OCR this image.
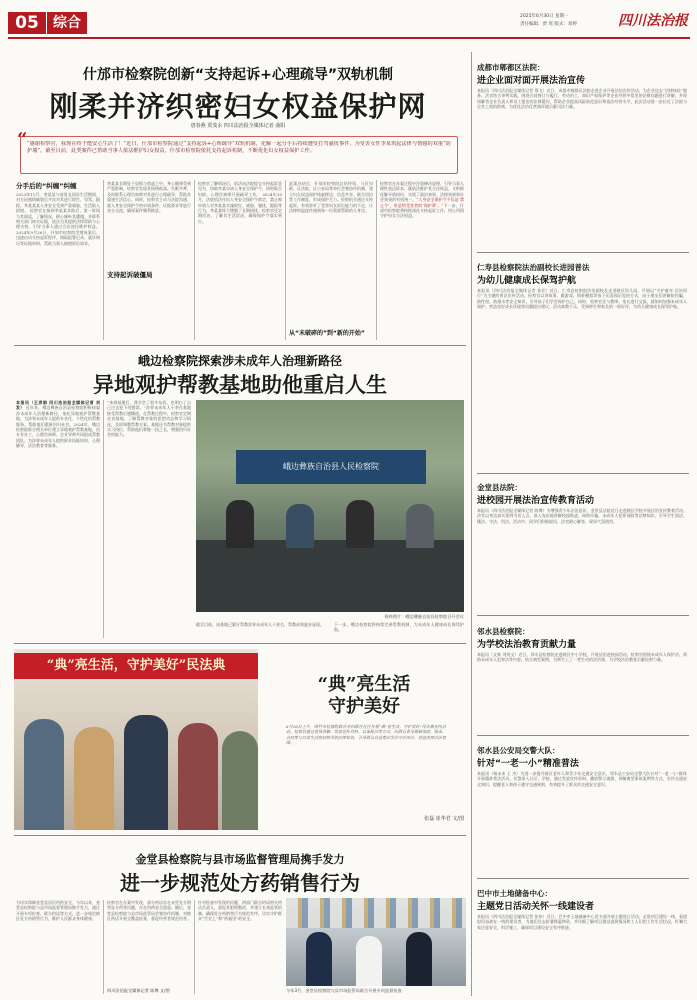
05	综合	2025年6月30日 星期一
责任编辑：贾 瑶 版式：邓婷	四川法治报
什邡市检察院创新“支持起诉+心理疏导”双轨机制
刚柔并济织密妇女权益保护网
唐春燕 贾茂永 四川法治报全媒体记者 曲阳
“ “感谢检察官，我现在终于能安心生活了！”近日，什邡市检察院通过“支持起诉+心理疏导”双轨机制，化解一起分手后持续遭受打骂骚扰事件，为受害女性李某筑起法律与情感的双重“防护墙”。截至目前，此类案件已帮助当事人依法维护妇女权益，什邡市检察院依托支持起诉机制，不断优化妇女权益保护工作。
分手后的“纠缠”纠缠
2023年11月，李某某与前男友同居生活期间，对方因感情破裂后多次对其进行殴打、辱骂、跟踪，李某某某人身安全受到严重威胁，生活陷入困境。 检察官在接到李某某求助后，第一时间与其面谈，了解情况，耐心倾听其遭遇，并联系相关部门核实证据，依法为其提供法律帮助与心理支持，引导当事人通过合法途径维护权益。2024年9月26日，什邡市检察院受理该案后，迅速启动支持起诉程序，调取报警记录、就诊病历等证据材料，帮助当事人梳理诉讼请求。
李某某长期处于恐惧与焦虑之中，身心健康受到严重影响，检察官发现其情绪低落、失眠多梦，及时联系心理咨询师对其进行心理疏导，帮助其重建生活信心。同时，检察官主动与法院沟通，就人身安全保护令的申请条件、证据要求等进行充分交流，确保案件顺利推进。
支持起诉破僵局
检察官了解情况后，依法向法院提交支持起诉意见书，协助李某申请人身安全保护令，同时联合妇联、心理咨询师开展疏导工作。 2024年10月，法院依法作出人身安全保护令裁定，禁止被申请人对李某某实施殴打、威胁、骚扰、跟踪等行为，李某某终于摆脱了长期困扰。检察官还定期回访，了解其生活状况，确保保护令落实到位。
此案办结后，什邡市检察院总结经验，与区妇联、区法院、区公安局等单位会签协作机制，建立妇女权益保护线索移送、信息共享、联合回访等工作制度，形成保护合力。检察机关通过支持起诉，有效弥补了受害妇女诉讼能力的不足，让法律的温度传递到每一位需要帮助的人身边。
从“未破碎的”到“新的开始”
检察官在办案过程中注重释法说理，引导当事人理性表达诉求，既依法维护其合法权益，又积极化解矛盾纠纷，实现了政治效果、法律效果和社会效果的有机统一。“人身安全保护令不仅是‘禁止令’，更是给受害者的‘保护罩’。”下一步，什邡市检察院将持续深化支持起诉工作，用心用情守护妇女合法权益。
峨边检察院探索涉未成年人治理新路径
异地观护帮教基地助他重启人生
本报讯（王彦娟 四川法治报全媒体记者 刘 发） 近年来，峨边彝族自治县检察院积极探索涉未成年人治理新路径，依托异地观护帮教基地，为涉罪未成年人提供专业化、个性化的帮教服务，帮助他们重新回归社会。2024年，峨边检察院联合相关单位建立异地观护帮教基地，由专业社工、心理咨询师、企业导师共同组成帮教团队，为涉罪未成年人提供职业技能培训、心理辅导、法治教育等服务。
“来到基地后，我学会了很多东西，也明白了自己过去犯下的错误。”涉罪未成年人小李在基地接受帮教后感慨道。在帮教过程中，检察官定期走访基地，了解帮教对象的思想动态和学习情况，及时调整帮教方案。基地还为帮教对象提供实习岗位，帮助他们掌握一技之长，增强回归社会的能力。
峨边彝族自治县人民检察院
资料图片：峨边彝族自治县检察院召开会议
截至目前，该基地已累计帮教涉罪未成年人十余名，帮教成效逐步显现。	下一步，峨边检察院将持续完善帮教机制，为未成年人健康成长保驾护航。
“典”亮生活，守护美好”民法典
“典”亮生活
守护美好
6月26日上午，绵竹市检察院联合市妇联在社区开展“典”亮生活，守护美好”民法典宣传活动。检察官通过现场讲解、发放宣传资料、以案释法等方式，向群众普及婚姻家庭、继承、合同等与日常生活密切相关的法律知识，引导群众自觉尊法学法守法用法，营造浓厚法治氛围。
张磊 崔华君 文/图
金堂县检察院与县市场监督管理局携手发力
进一步规范处方药销售行为
为切实保障金堂县居民用药安全，今年以来，金堂县检察院与县市场监督管理局携手发力，通过开展专项检查、联合约谈等方式，进一步规范辖区处方药销售行为，维护人民群众身体健康。
检察官在办案中发现，部分药店存在未凭处方销售处方药等问题，存在用药安全隐患。随后，金堂县检察院与县市场监管局会签协作机制，对辖区药店开展全覆盖检查，督促经营者规范经营。
四川法治报全媒体记者 陈博 文/图
针对检查中发现的问题，两部门联合约谈相关药店负责人，督促其限期整改，并建立长效监管机制，确保处方药销售行为规范有序，切实守护群众“舌尖上”和“药箱里”的安全。
今年3月，金堂县检察院与县市场监管局联合开展专项监督检查
成都市郫都区法院：
进企业面对面开展法治宣传
本报讯（四川法治报全媒体记者 郑飞）近日，成都市郫都区法院走进企业开展法治宣传活动，为企业送去“法律体检”服务。法官结合审判实践，围绕合同签订与履行、劳动用工、知识产权保护等企业经营中常见的法律问题进行讲解，并现场解答企业负责人和员工提出的法律疑问，帮助企业提高风险防范意识和依法经营水平。此次活动进一步拉近了法院与企业之间的距离，为优化法治化营商环境贡献司法力量。
仁寿县检察院法治副校长进园普法
为幼儿健康成长保驾护航
本报讯（四川法治报全媒体记者 张宏）近日，仁寿县检察院法治副校长走进辖区幼儿园，开展以“守护童年·法治同行”为主题的普法宣传活动。检察官以讲故事、做游戏、情景模拟等孩子们喜闻乐见的方式，向小朋友们讲解防拐骗、防性侵、防溺水等安全知识，引导孩子们学会保护自己。同时，检察官还与教师、家长进行交流，就如何加强未成年人保护、营造良好成长环境等问题提出建议。活动寓教于乐，受到师生和家长的一致好评，为幼儿健康成长保驾护航。
金堂县法院：
进校园开展法治宣传教育活动
本报讯（四川法治报全媒体记者 陈博）为增强青少年法治意识，金堂县法院近日走进辖区学校开展法治宣传教育活动。法官以身边真实案例为切入点，深入浅出地讲解校园欺凌、网络诈骗、未成年人犯罪预防等法律知识，引导学生知法、懂法、守法、用法。活动中，同学们积极提问，法官耐心解答，现场气氛热烈。
邻水县检察院：
为学校法治教育贡献力量
本报讯（文新 刘茂文）近日，邻水县检察院走进辖区中小学校，开展法治进校园活动，检察官围绕未成年人保护法、预防未成年人犯罪法等内容，结合典型案例，为师生上了一堂生动的法治课，为学校法治教育贡献检察力量。
邻水县公安局交警大队：
针对“一老一小”精准普法
本报讯（杨未来 王 杰）为进一步提升辖区老年人和青少年交通安全意识，邻水县公安局交警大队针对“一老一小”群体开展精准普法活动。民警深入社区、学校，通过发放宣传资料、播放警示视频、讲解典型事故案例等方式，宣传交通安全知识，提醒老人和孩子遵守交通规则，有效提升了群众的交通安全意识。
巴中市土地储备中心：
主题党日活动关怀一线建设者
本报讯（四川法治报全媒体记者 张伟）近日，巴中市土地储备中心党支部开展主题党日活动，走进项目建设一线，看望慰问奋战在一线的建设者，为他们送去防暑降温物资，并详细了解项目建设进展情况和工人们的工作生活状况，叮嘱大家注意安全、科学施工，确保项目建设安全有序推进。
